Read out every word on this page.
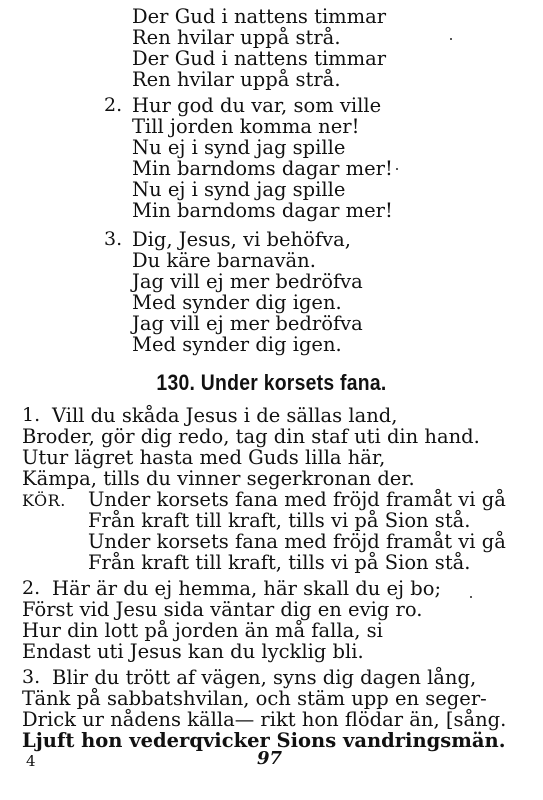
Der Gud i nattens timmar
Ren hvilar uppå strå.
Der Gud i nattens timmar
Ren hvilar uppå strå.
2. Hur god du var, som ville
Till jorden komma ner!
Nu ej i synd jag spille
Min barndoms dagar mer!
Nu ej i synd jag spille
Min barndoms dagar mer!
3. Dig, Jesus, vi behöfva,
Du käre barnavän.
Jag vill ej mer bedröfva
Med synder dig igen.
Jag vill ej mer bedröfva
Med synder dig igen.
130. Under korsets fana.
1. Vill du skåda Jesus i de sällas land,
Broder, gör dig redo, tag din staf uti din hand.
Utur lägret hasta med Guds lilla här,
Kämpa, tills du vinner segerkronan der.
KÖR. Under korsets fana med fröjd framåt vi gå
Från kraft till kraft, tills vi på Sion stå.
Under korsets fana med fröjd framåt vi gå
Från kraft till kraft, tills vi på Sion stå.
2. Här är du ej hemma, här skall du ej bo;
Först vid Jesu sida väntar dig en evig ro.
Hur din lott på jorden än må falla, si
Endast uti Jesus kan du lycklig bli.
3. Blir du trött af vägen, syns dig dagen lång,
Tänk på sabbatshvilan, och stäm upp en seger-
Drick ur nådens källa— rikt hon flödar än, [sång.
Ljuft hon vederqvicker Sions vandringsmän.
4	97
